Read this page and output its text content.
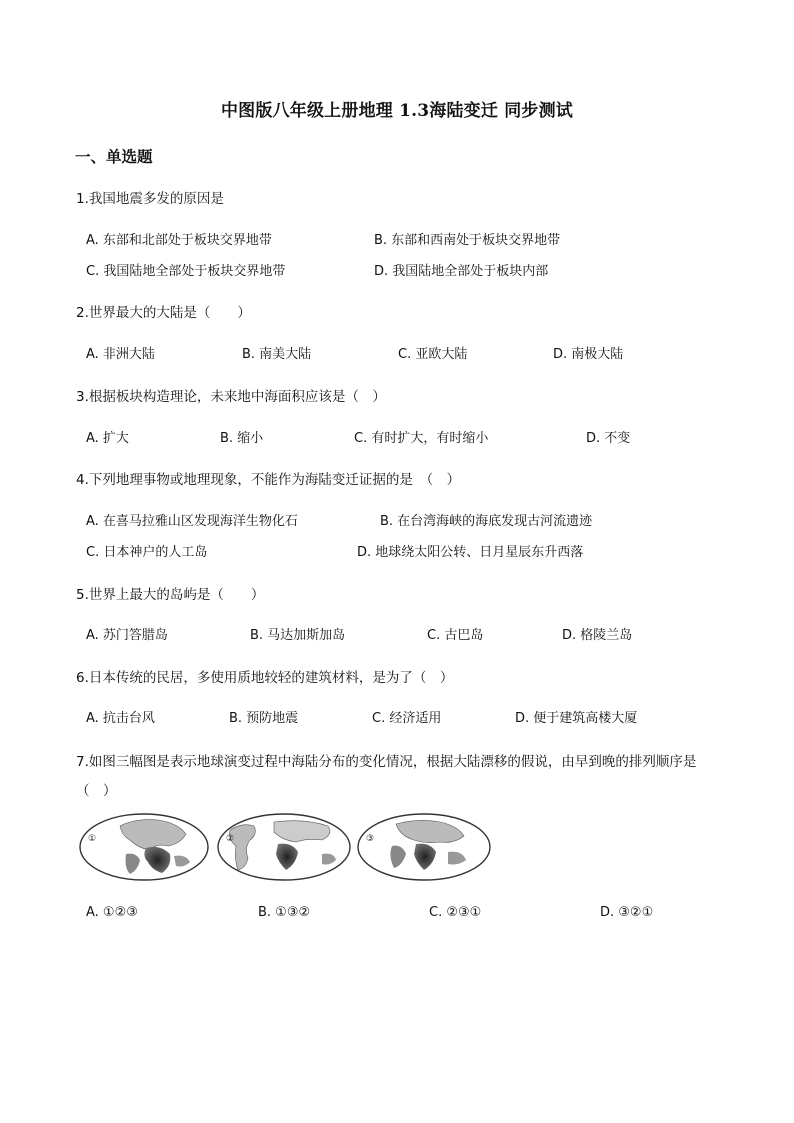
中图版八年级上册地理 1.3海陆变迁 同步测试
一、单选题
1.我国地震多发的原因是
A. 东部和北部处于板块交界地带	B. 东部和西南处于板块交界地带
C. 我国陆地全部处于板块交界地带	D. 我国陆地全部处于板块内部
2.世界最大的大陆是（　　）
A. 非洲大陆	B. 南美大陆	C. 亚欧大陆	D. 南极大陆
3.根据板块构造理论，未来地中海面积应该是（　）
A. 扩大	B. 缩小	C. 有时扩大，有时缩小	D. 不变
4.下列地理事物或地理现象，不能作为海陆变迁证据的是　（　）
A. 在喜马拉雅山区发现海洋生物化石	B. 在台湾海峡的海底发现古河流遗迹
C. 日本神户的人工岛	D. 地球绕太阳公转、日月星辰东升西落
5.世界上最大的岛屿是（　　）
A. 苏门答腊岛	B. 马达加斯加岛	C. 古巴岛	D. 格陵兰岛
6.日本传统的民居，多使用质地较轻的建筑材料，是为了（　）
A. 抗击台风	B. 预防地震	C. 经济适用	D. 便于建筑高楼大厦
7.如图三幅图是表示地球演变过程中海陆分布的变化情况，根据大陆漂移的假说，由早到晚的排列顺序是
（　）
①	②	③
A. ①②③	B. ①③②	C. ②③①	D. ③②①
